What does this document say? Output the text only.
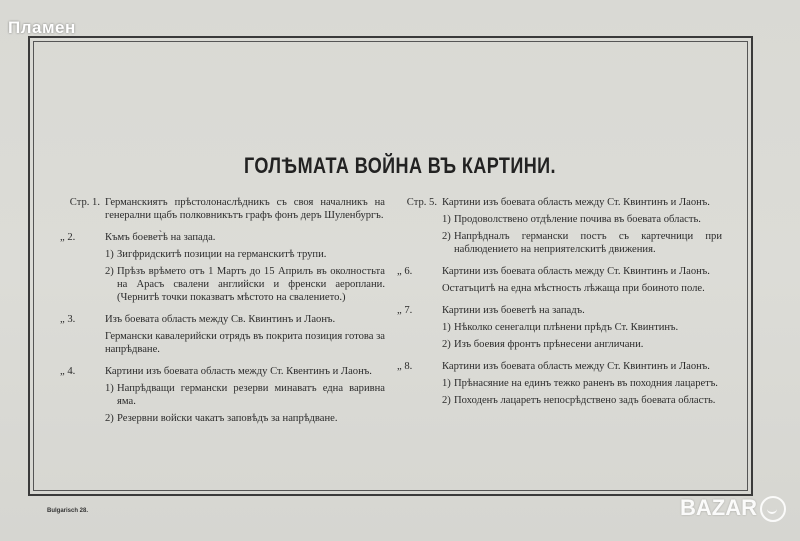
Пламен
ГОЛѢМАТА ВОЙНА ВЪ КАРТИНИ.
Стр. 1. Германскиятъ прѣстолонаслѣдникъ съ своя началникъ на генерални щабъ полковникътъ графъ фонъ деръ Шуленбургъ.
„ 2.	Къмъ боевет̀ѣ на запада.
1) Зигфридскитѣ позиции на германскитѣ трупи.
2) Прѣзъ врѣмето отъ 1 Мартъ до 15 Априлъ въ околностьта на Арасъ свалени английски и френски аероплани. (Чернитѣ точки показватъ мѣстото на свалението.)
„ 3.	Изъ боевата область между Св. Квинтинъ и Лаонъ.
Германски кавалерийски отрядъ въ покрита позиция готова за напрѣдване.
„ 4.	Картини изъ боевата область между Ст. Квентинъ и Лаонъ.
1) Напрѣдващи германски резерви минаватъ една варивна яма.
2) Резервни войски чакатъ заповѣдъ за напрѣдване.
Стр. 5. Картини изъ боевата область между Ст. Квинтинъ и Лаонъ.
1) Продоволствено отдѣление почива въ боевата область.
2) Напрѣдналъ германски постъ съ картечници при наблюдението на неприятелскитѣ движения.
„ 6.	Картини изъ боевата область между Ст. Квинтинъ и Лаонъ.
Остатъцитѣ на една мѣстность лѣжаща при боиното поле.
„ 7.	Картини изъ боеветѣ на западъ.
1) Нѣколко сенегалци плѣнени прѣдъ Ст. Квинтинъ.
2) Изъ боевия фронтъ прѣнесени англичани.
„ 8.	Картини изъ боевата область между Ст. Квинтинъ и Лаонъ.
1) Прѣнасяние на единъ тежко раненъ въ походния лацаретъ.
2) Походенъ лацаретъ непосрѣдствено задъ боевата область.
Bulgarisch 28.	BAZAR
